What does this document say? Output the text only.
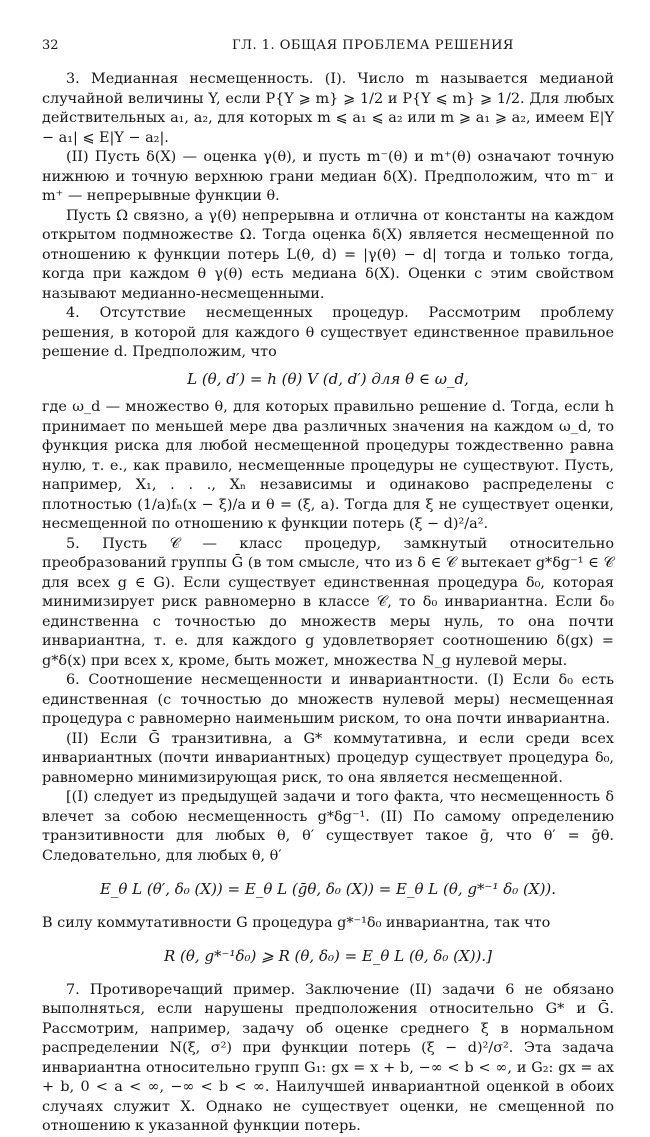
32	ГЛ. 1. ОБЩАЯ ПРОБЛЕМА РЕШЕНИЯ

3. Медианная несмещенность. (I). Число m называется медианой случайной величины Y, если P{Y ⩾ m} ⩾ 1/2 и P{Y ⩽ m} ⩾ 1/2. Для любых действительных a₁, a₂, для которых m ⩽ a₁ ⩽ a₂ или m ⩾ a₁ ⩾ a₂, имеем E|Y − a₁| ⩽ E|Y − a₂|.

(II) Пусть δ(X) — оценка γ(θ), и пусть m⁻(θ) и m⁺(θ) означают точную нижнюю и точную верхнюю грани медиан δ(X). Предположим, что m⁻ и m⁺ — непрерывные функции θ.

Пусть Ω связно, а γ(θ) непрерывна и отлична от константы на каждом открытом подмножестве Ω. Тогда оценка δ(X) является несмещенной по отношению к функции потерь L(θ, d) = |γ(θ) − d| тогда и только тогда, когда при каждом θ γ(θ) есть медиана δ(X). Оценки с этим свойством называют медианно-несмещенными.

4. Отсутствие несмещенных процедур. Рассмотрим проблему решения, в которой для каждого θ существует единственное правильное решение d. Предположим, что

L (θ, d′) = h (θ) V (d, d′) для θ ∈ ω_d,

где ω_d — множество θ, для которых правильно решение d. Тогда, если h принимает по меньшей мере два различных значения на каждом ω_d, то функция риска для любой несмещенной процедуры тождественно равна нулю, т. е., как правило, несмещенные процедуры не существуют. Пусть, например, X₁, . . ., Xₙ независимы и одинаково распределены с плотностью (1/a)fₙ(x − ξ)/a и θ = (ξ, a). Тогда для ξ не существует оценки, несмещенной по отношению к функции потерь (ξ − d)²/a².

5. Пусть 𝒞 — класс процедур, замкнутый относительно преобразований группы Ḡ (в том смысле, что из δ ∈ 𝒞 вытекает g*δg⁻¹ ∈ 𝒞 для всех g ∈ G). Если существует единственная процедура δ₀, которая минимизирует риск равномерно в классе 𝒞, то δ₀ инвариантна. Если δ₀ единственна с точностью до множеств меры нуль, то она почти инвариантна, т. е. для каждого g удовлетворяет соотношению δ(gx) = g*δ(x) при всех x, кроме, быть может, множества N_g нулевой меры.

6. Соотношение несмещенности и инвариантности. (I) Если δ₀ есть единственная (с точностью до множеств нулевой меры) несмещенная процедура с равномерно наименьшим риском, то она почти инвариантна.

(II) Если Ḡ транзитивна, а G* коммутативна, и если среди всех инвариантных (почти инвариантных) процедур существует процедура δ₀, равномерно минимизирующая риск, то она является несмещенной.

[(I) следует из предыдущей задачи и того факта, что несмещенность δ влечет за собою несмещенность g*δg⁻¹. (II) По самому определению транзитивности для любых θ, θ′ существует такое ḡ, что θ′ = ḡθ. Следовательно, для любых θ, θ′

E_θ L (θ′, δ₀ (X)) = E_θ L (ḡθ, δ₀ (X)) = E_θ L (θ, g*⁻¹ δ₀ (X)).

В силу коммутативности G процедура g*⁻¹δ₀ инвариантна, так что

R (θ, g*⁻¹δ₀) ⩾ R (θ, δ₀) = E_θ L (θ, δ₀ (X)).]

7. Противоречащий пример. Заключение (II) задачи 6 не обязано выполняться, если нарушены предположения относительно G* и Ḡ. Рассмотрим, например, задачу об оценке среднего ξ в нормальном распределении N(ξ, σ²) при функции потерь (ξ − d)²/σ². Эта задача инвариантна относительно групп G₁: gx = x + b, −∞ < b < ∞, и G₂: gx = ax + b, 0 < a < ∞, −∞ < b < ∞. Наилучшей инвариантной оценкой в обоих случаях служит X. Однако не существует оценки, не смещенной по отношению к указанной функции потерь.
